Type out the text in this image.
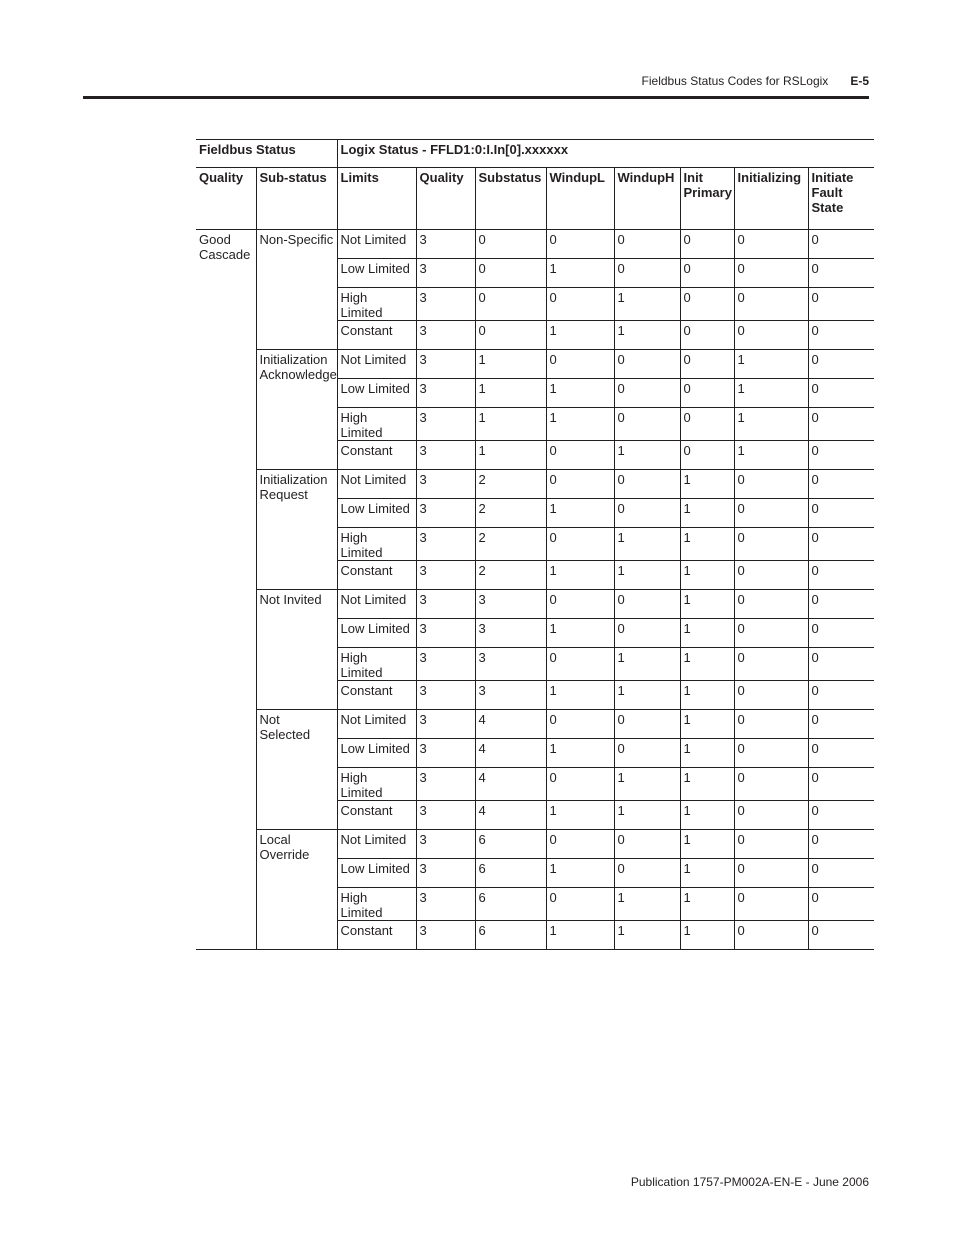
Fieldbus Status Codes for RSLogix E-5
Fieldbus Status		Logix Status - FFLD1:0:I.In[0].xxxxxx							
Quality	Sub-status	Limits	Quality	Substatus	WindupL	WindupH	Init Primary	Initializing	Initiate Fault State
Good Cascade	Non-Specific	Not Limited	3	0	0	0	0	0	0
		Low Limited	3	0	1	0	0	0	0
		High Limited	3	0	0	1	0	0	0
		Constant	3	0	1	1	0	0	0
	Initialization Acknowledge	Not Limited	3	1	0	0	0	1	0
		Low Limited	3	1	1	0	0	1	0
		High Limited	3	1	1	0	0	1	0
		Constant	3	1	0	1	0	1	0
	Initialization Request	Not Limited	3	2	0	0	1	0	0
		Low Limited	3	2	1	0	1	0	0
		High Limited	3	2	0	1	1	0	0
		Constant	3	2	1	1	1	0	0
	Not Invited	Not Limited	3	3	0	0	1	0	0
		Low Limited	3	3	1	0	1	0	0
		High Limited	3	3	0	1	1	0	0
		Constant	3	3	1	1	1	0	0
	Not Selected	Not Limited	3	4	0	0	1	0	0
		Low Limited	3	4	1	0	1	0	0
		High Limited	3	4	0	1	1	0	0
		Constant	3	4	1	1	1	0	0
	Local Override	Not Limited	3	6	0	0	1	0	0
		Low Limited	3	6	1	0	1	0	0
		High Limited	3	6	0	1	1	0	0
		Constant	3	6	1	1	1	0	0
Publication 1757-PM002A-EN-E - June 2006
